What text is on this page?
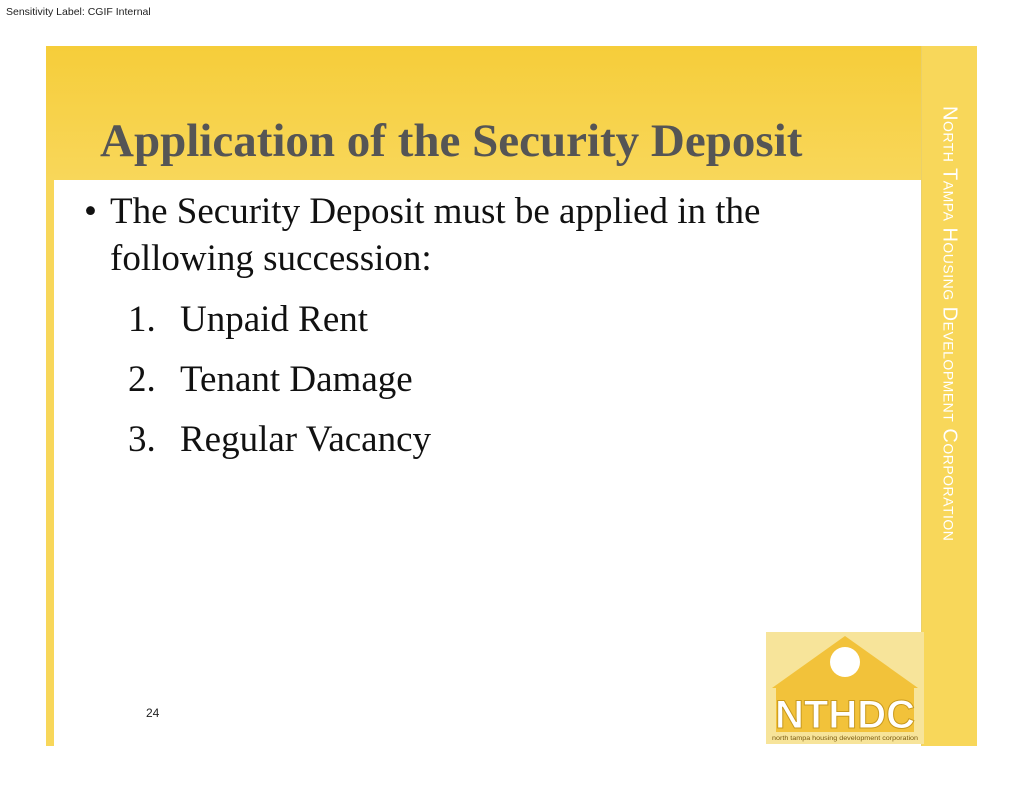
Sensitivity Label: CGIF Internal
North Tampa Housing Development Corporation
Application of the Security Deposit
• The Security Deposit must be applied in the following succession:
1. Unpaid Rent
2. Tenant Damage
3. Regular Vacancy
24	NTHDC
north tampa housing development corporation
